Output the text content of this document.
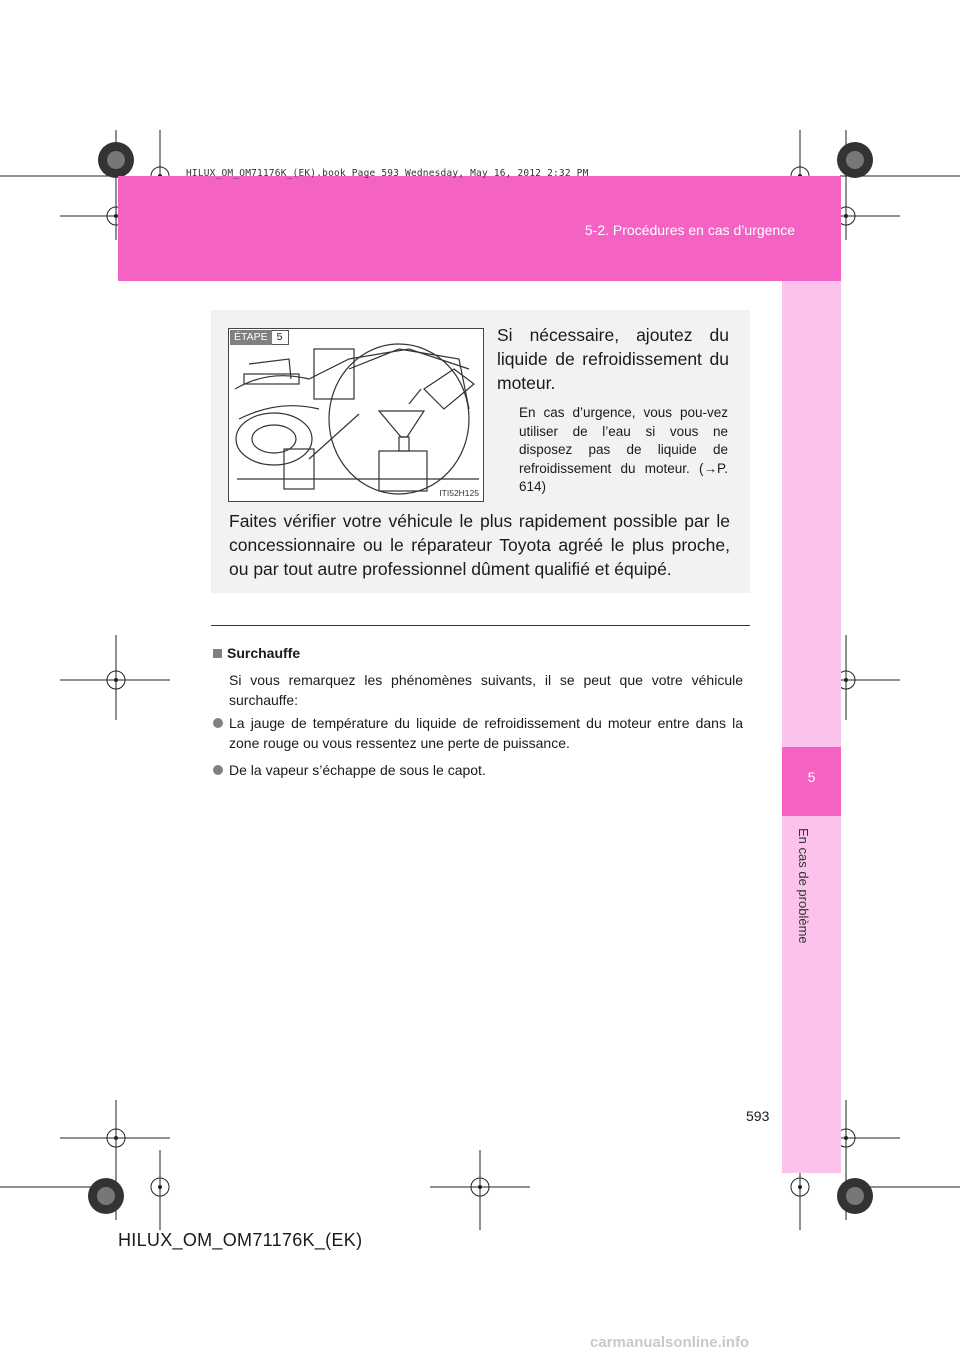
HILUX_OM_OM71176K_(EK).book Page 593 Wednesday, May 16, 2012 2:32 PM
5-2. Procédures en cas d’urgence
5
En cas de problème
ÉTAPE 5
ITI52H125
Si nécessaire, ajoutez du liquide de refroidissement du moteur.
En cas d’urgence, vous pou-vez utiliser de l’eau si vous ne disposez pas de liquide de refroidissement du moteur. (→P. 614)
Faites vérifier votre véhicule le plus rapidement possible par le concessionnaire ou le réparateur Toyota agréé le plus proche, ou par tout autre professionnel dûment qualifié et équipé.
Surchauffe
Si vous remarquez les phénomènes suivants, il se peut que votre véhicule surchauffe:
La jauge de température du liquide de refroidissement du moteur entre dans la zone rouge ou vous ressentez une perte de puissance.
De la vapeur s’échappe de sous le capot.
593
HILUX_OM_OM71176K_(EK)
carmanualsonline.info
